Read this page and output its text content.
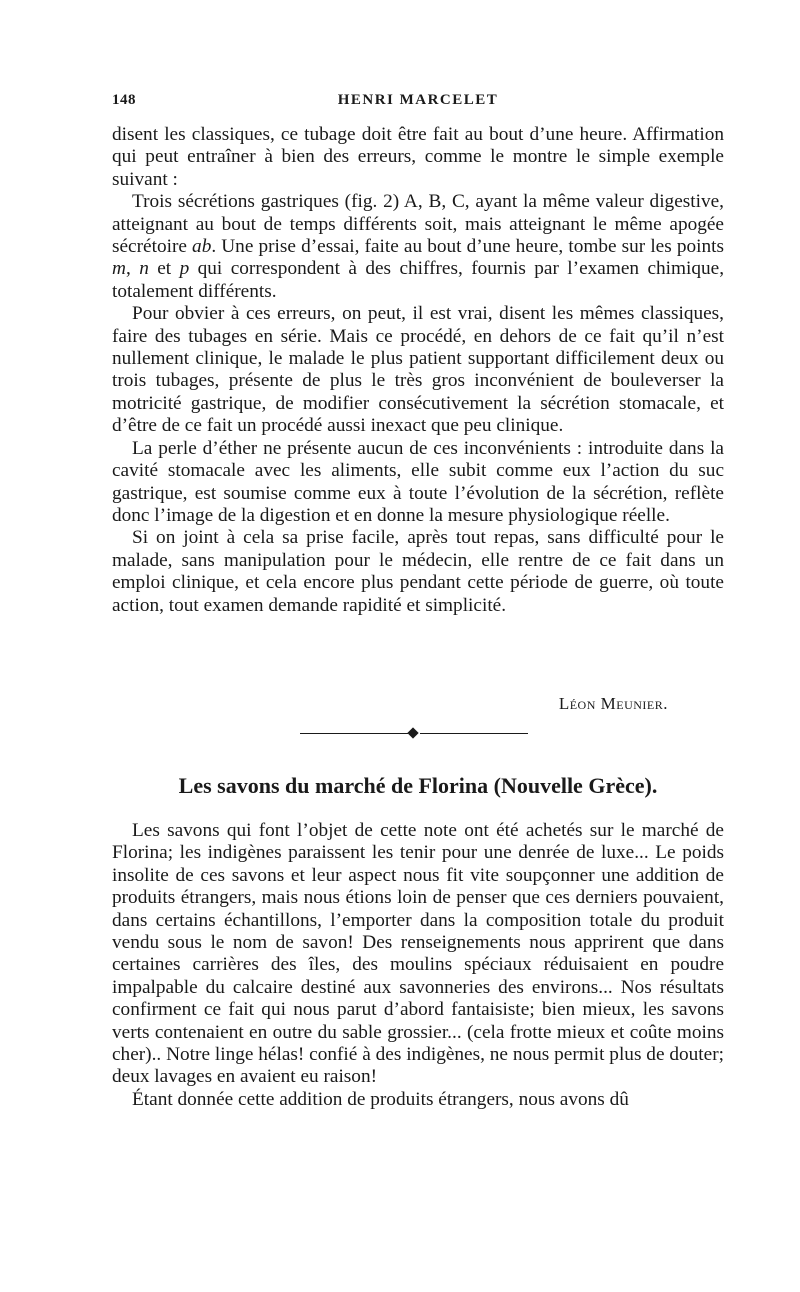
148	HENRI MARCELET

disent les classiques, ce tubage doit être fait au bout d’une heure. Affirmation qui peut entraîner à bien des erreurs, comme le montre le simple exemple suivant :

Trois sécrétions gastriques (fig. 2) A, B, C, ayant la même valeur digestive, atteignant au bout de temps différents soit, mais atteignant le même apogée sécrétoire ab. Une prise d’essai, faite au bout d’une heure, tombe sur les points m, n et p qui correspondent à des chiffres, fournis par l’examen chimique, totalement différents.

Pour obvier à ces erreurs, on peut, il est vrai, disent les mêmes classiques, faire des tubages en série. Mais ce procédé, en dehors de ce fait qu’il n’est nullement clinique, le malade le plus patient supportant difficilement deux ou trois tubages, présente de plus le très gros inconvénient de bouleverser la motricité gastrique, de modifier consécutivement la sécrétion stomacale, et d’être de ce fait un procédé aussi inexact que peu clinique.

La perle d’éther ne présente aucun de ces inconvénients : introduite dans la cavité stomacale avec les aliments, elle subit comme eux l’action du suc gastrique, est soumise comme eux à toute l’évolution de la sécrétion, reflète donc l’image de la digestion et en donne la mesure physiologique réelle.

Si on joint à cela sa prise facile, après tout repas, sans difficulté pour le malade, sans manipulation pour le médecin, elle rentre de ce fait dans un emploi clinique, et cela encore plus pendant cette période de guerre, où toute action, tout examen demande rapidité et simplicité.

Léon Meunier.
Les savons du marché de Florina (Nouvelle Grèce).

Les savons qui font l’objet de cette note ont été achetés sur le marché de Florina; les indigènes paraissent les tenir pour une denrée de luxe... Le poids insolite de ces savons et leur aspect nous fit vite soupçonner une addition de produits étrangers, mais nous étions loin de penser que ces derniers pouvaient, dans certains échantillons, l’emporter dans la composition totale du produit vendu sous le nom de savon! Des renseignements nous apprirent que dans certaines carrières des îles, des moulins spéciaux réduisaient en poudre impalpable du calcaire destiné aux savonneries des environs... Nos résultats confirment ce fait qui nous parut d’abord fantaisiste; bien mieux, les savons verts contenaient en outre du sable grossier... (cela frotte mieux et coûte moins cher).. Notre linge hélas! confié à des indigènes, ne nous permit plus de douter; deux lavages en avaient eu raison!

Étant donnée cette addition de produits étrangers, nous avons dû
